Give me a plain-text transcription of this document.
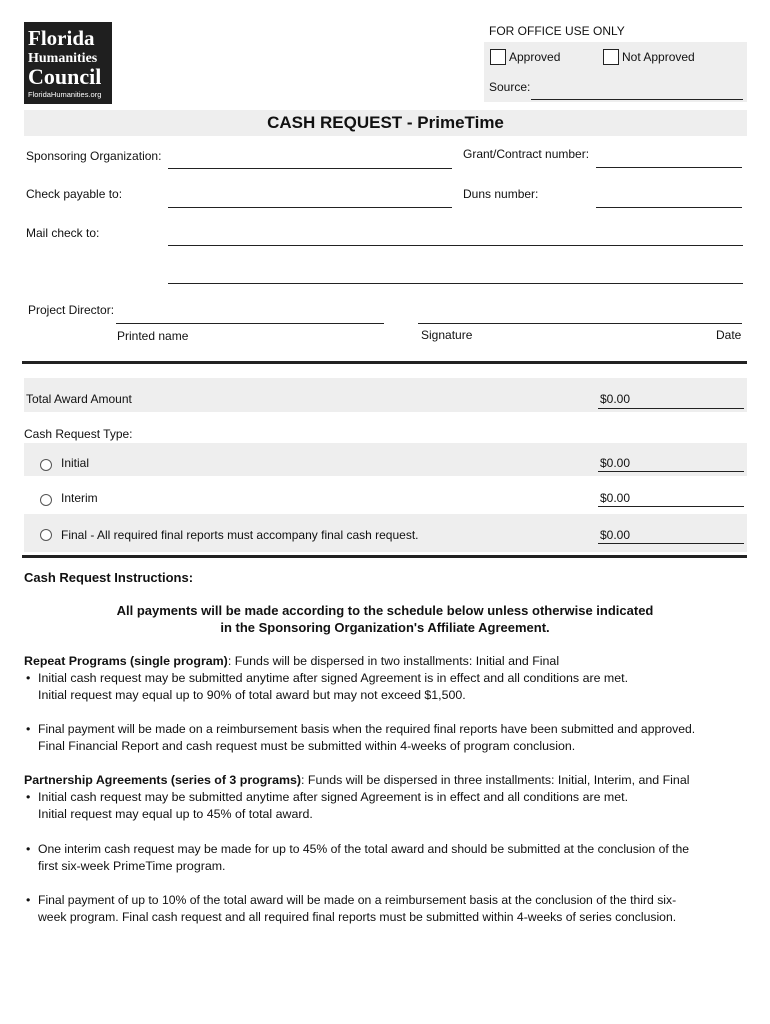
Florida
Humanities
Council
FloridaHumanities.org
FOR OFFICE USE ONLY
Approved	Not Approved
Source:
CASH REQUEST - PrimeTime
Sponsoring Organization:	Grant/Contract number:
Check payable to:	Duns number:
Mail check to:
Project Director:
Printed name	Signature	Date
Total Award Amount	$0.00
Cash Request Type:
Initial	$0.00
Interim	$0.00
Final - All required final reports must accompany final cash request.	$0.00
Cash Request Instructions:
All payments will be made according to the schedule below unless otherwise indicated
in the Sponsoring Organization's Affiliate Agreement.
Repeat Programs (single program): Funds will be dispersed in two installments: Initial and Final
• Initial cash request may be submitted anytime after signed Agreement is in effect and all conditions are met.
Initial request may equal up to 90% of total award but may not exceed $1,500.
• Final payment will be made on a reimbursement basis when the required final reports have been submitted and approved.
Final Financial Report and cash request must be submitted within 4-weeks of program conclusion.
Partnership Agreements (series of 3 programs): Funds will be dispersed in three installments: Initial, Interim, and Final
• Initial cash request may be submitted anytime after signed Agreement is in effect and all conditions are met.
Initial request may equal up to 45% of total award.
• One interim cash request may be made for up to 45% of the total award and should be submitted at the conclusion of the
first six-week PrimeTime program.
• Final payment of up to 10% of the total award will be made on a reimbursement basis at the conclusion of the third six-
week program. Final cash request and all required final reports must be submitted within 4-weeks of series conclusion.
